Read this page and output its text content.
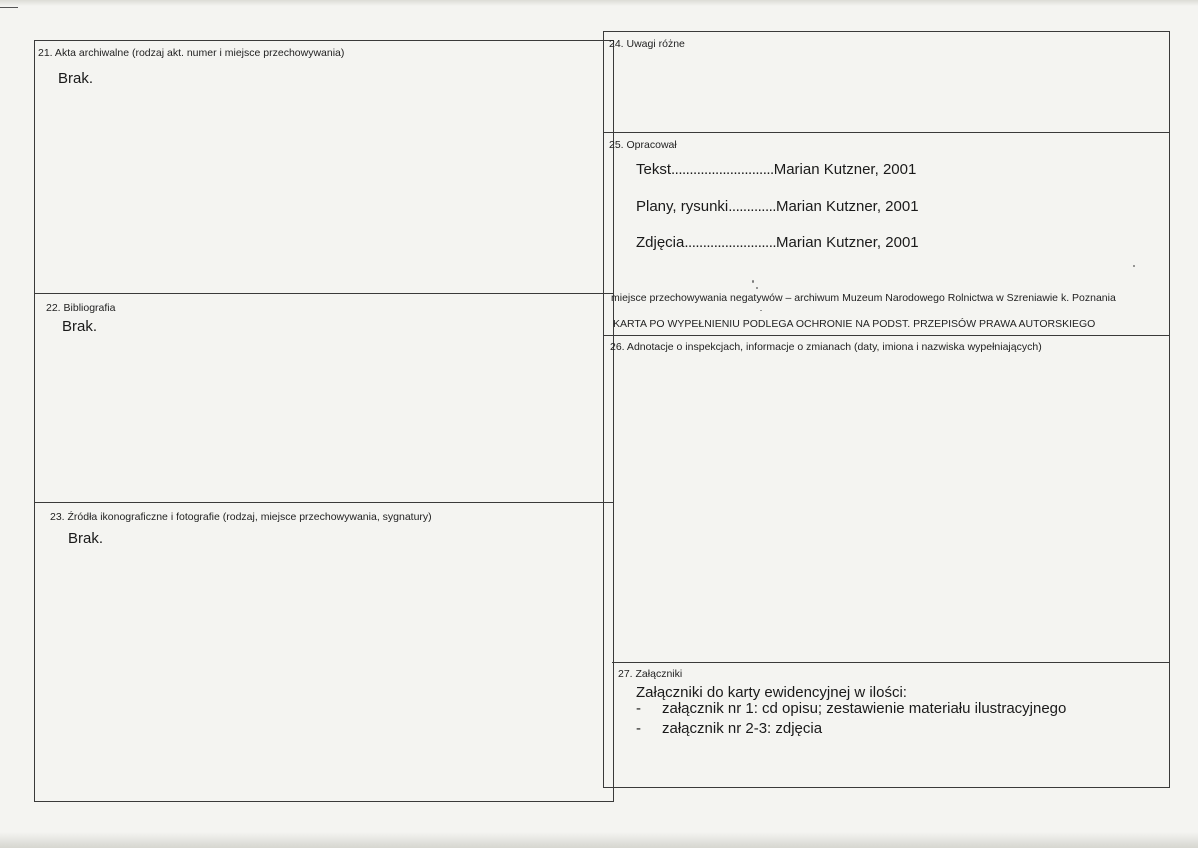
21. Akta archiwalne (rodzaj akt. numer i miejsce przechowywania)
Brak.
22. Bibliografia
Brak.
23. Źródła ikonograficzne i fotografie (rodzaj, miejsce przechowywania, sygnatury)
Brak.
24. Uwagi różne
25. Opracował
Tekst............................Marian Kutzner, 2001
Plany, rysunki.............Marian Kutzner, 2001
Zdjęcia.........................Marian Kutzner, 2001
miejsce przechowywania negatywów – archiwum Muzeum Narodowego Rolnictwa w Szreniawie k. Poznania
KARTA PO WYPEŁNIENIU PODLEGA OCHRONIE NA PODST. PRZEPISÓW PRAWA AUTORSKIEGO
26. Adnotacje o inspekcjach, informacje o zmianach (daty, imiona i nazwiska wypełniających)
27. Załączniki
Załączniki do karty ewidencyjnej w ilości:
- załącznik nr 1: cd opisu; zestawienie materiału ilustracyjnego
- załącznik nr 2-3: zdjęcia
